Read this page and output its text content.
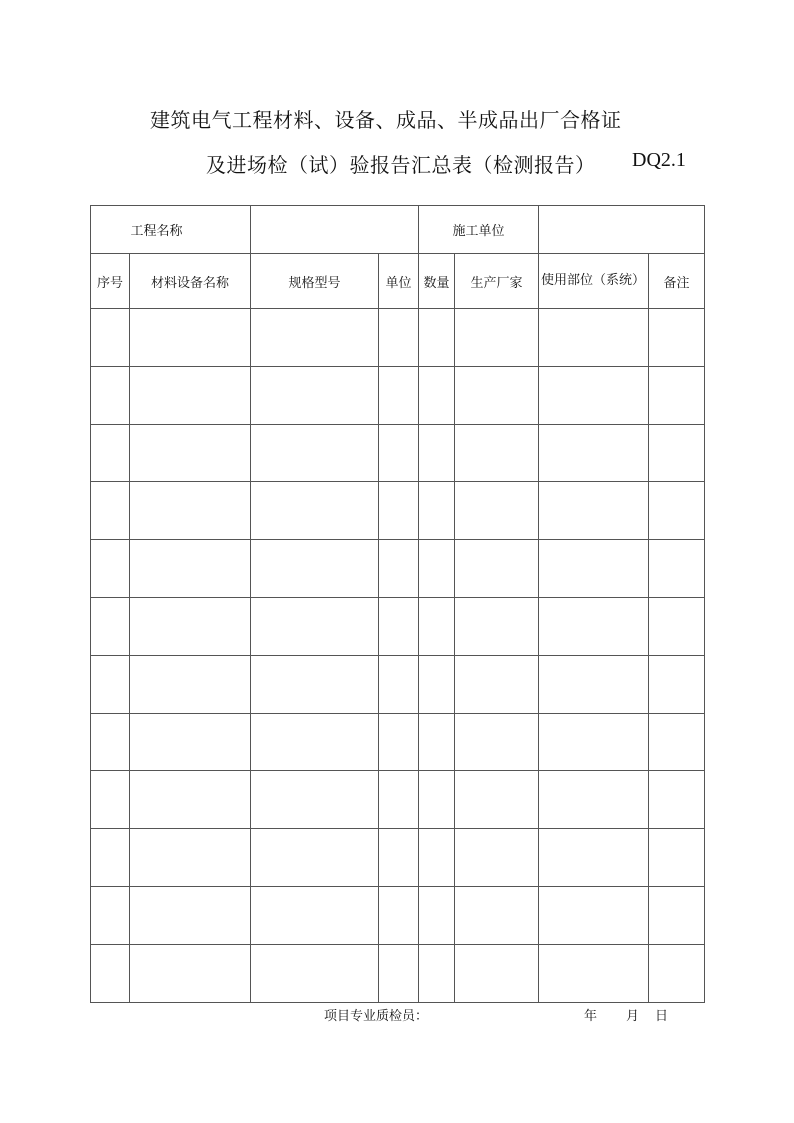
建筑电气工程材料、设备、成品、半成品出厂合格证
及进场检（试）验报告汇总表（检测报告） DQ2.1
工程名称				施工单位			
序号	材料设备名称	规格型号	单位	数量	生产厂家	使用部位（系统）	备注

项目专业质检员：	年 月 日
